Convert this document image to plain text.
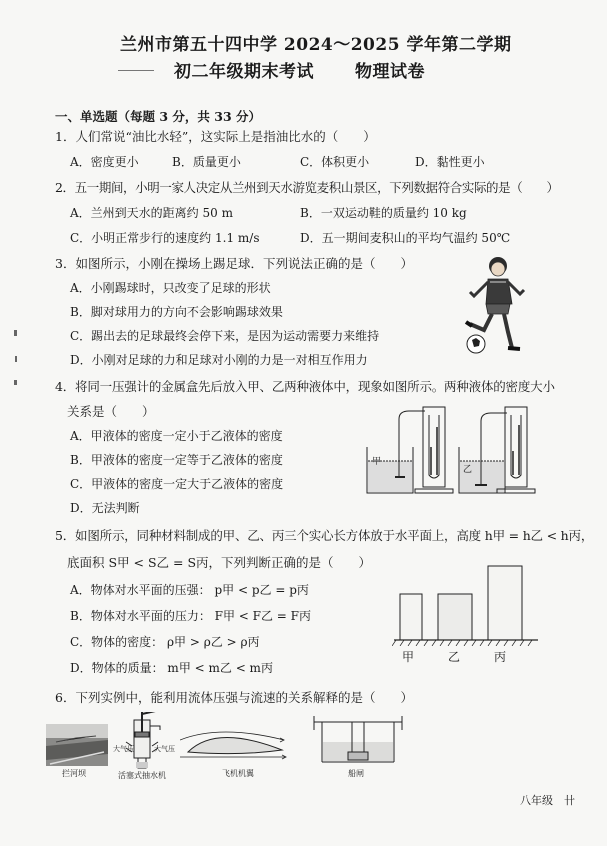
兰州市第五十四中学 2024～2025 学年第二学期
初二年级期末考试 物理试卷
一、单选题（每题 3 分，共 33 分）
1．人们常说“油比水轻”，这实际上是指油比水的（　　）
A．密度更小	B．质量更小	C．体积更小	D．黏性更小
2．五一期间，小明一家人决定从兰州到天水游览麦积山景区，下列数据符合实际的是（　　）
A．兰州到天水的距离约 50 m	B．一双运动鞋的质量约 10 kg
C．小明正常步行的速度约 1.1 m/s	D．五一期间麦积山的平均气温约 50℃
3．如图所示，小刚在操场上踢足球．下列说法正确的是（　　）
A．小刚踢球时，只改变了足球的形状
B．脚对球用力的方向不会影响踢球效果
C．踢出去的足球最终会停下来，是因为运动需要力来维持
D．小刚对足球的力和足球对小刚的力是一对相互作用力
4．将同一压强计的金属盒先后放入甲、乙两种液体中，现象如图所示。两种液体的密度大小
关系是（　　）
A．甲液体的密度一定小于乙液体的密度
B．甲液体的密度一定等于乙液体的密度
C．甲液体的密度一定大于乙液体的密度
D．无法判断
甲
乙
5．如图所示，同种材料制成的甲、乙、丙三个实心长方体放于水平面上，高度 h甲 = h乙 < h丙，
底面积 S甲 < S乙 = S丙，下列判断正确的是（　　）
A．物体对水平面的压强： p甲 < p乙 = p丙
B．物体对水平面的压力： F甲 < F乙 = F丙
C．物体的密度： ρ甲 > ρ乙 > ρ丙
D．物体的质量： m甲 < m乙 < m丙
甲	乙	丙
6．下列实例中，能利用流体压强与流速的关系解释的是（　　）
拦河坝
大气压	大气压
活塞式抽水机	飞机机翼	船闸
八年级 卄
